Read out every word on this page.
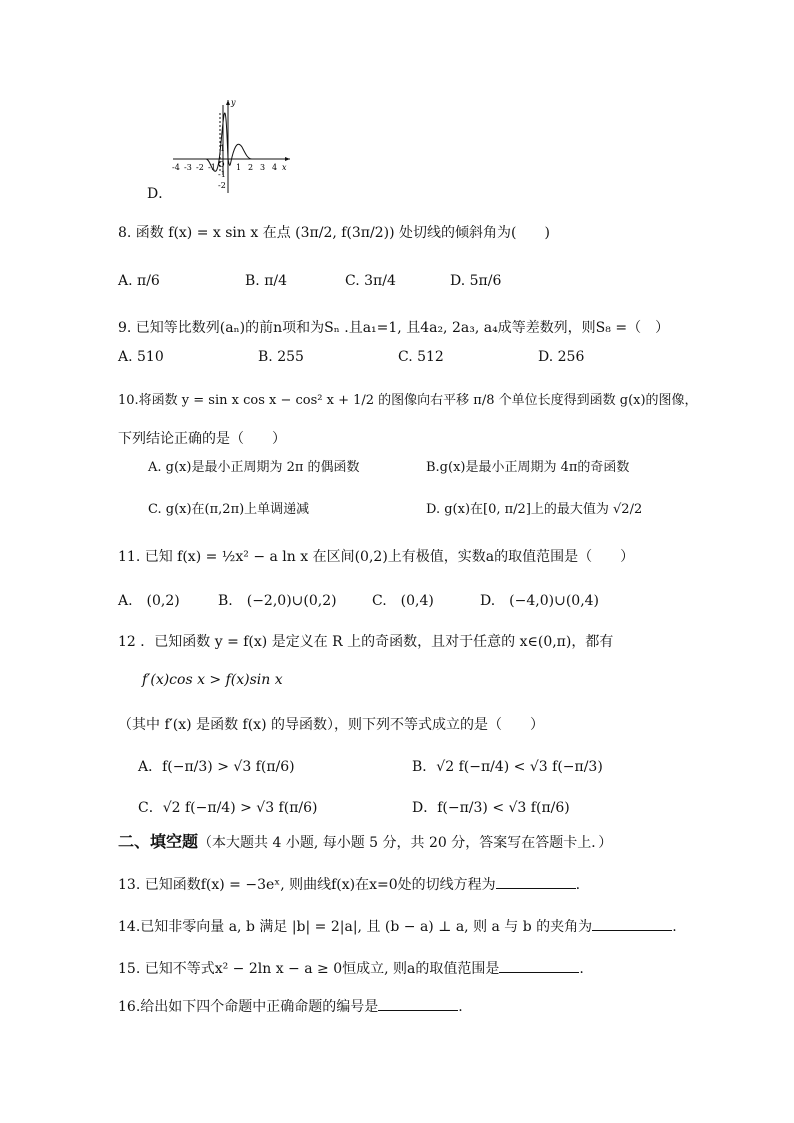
-4 -3 -2 -1 O 1 2 3 4 x
y
1
-1
-2
D．
8. 函数 f(x) = x sin x 在点 (3π/2, f(3π/2)) 处切线的倾斜角为(　　)
A. π/6	B. π/4	C. 3π/4	D. 5π/6
9. 已知等比数列(aₙ)的前n项和为Sₙ .且a₁=1, 且4a₂, 2a₃, a₄成等差数列，则S₈ =（　）
A. 510	B. 255	C. 512	D. 256
10.将函数 y = sin x cos x − cos² x + 1/2 的图像向右平移 π/8 个单位长度得到函数 g(x)的图像，
下列结论正确的是（　　）
A. g(x)是最小正周期为 2π 的偶函数	B.g(x)是最小正周期为 4π的奇函数
C. g(x)在(π,2π)上单调递减	D. g(x)在[0, π/2]上的最大值为 √2/2
11. 已知 f(x) = ½x² − a ln x 在区间(0,2)上有极值，实数a的取值范围是（　　）
A.　(0,2)	B.　(−2,0)∪(0,2)	C.　(0,4)	D.　(−4,0)∪(0,4)
12 ．已知函数 y = f(x) 是定义在 R 上的奇函数，且对于任意的 x∈(0,π)，都有
f′(x)cos x > f(x)sin x
（其中 f′(x) 是函数 f(x) 的导函数），则下列不等式成立的是（　　）
A．f(−π/3) > √3 f(π/6)	B．√2 f(−π/4) < √3 f(−π/3)
C．√2 f(−π/4) > √3 f(π/6)	D．f(−π/3) < √3 f(π/6)
二、填空题（本大题共 4 小题, 每小题 5 分，共 20 分，答案写在答题卡上．）
13. 已知函数f(x) = −3eˣ, 则曲线f(x)在x=0处的切线方程为	.
14.已知非零向量 a, b 满足 |b| = 2|a|, 且 (b − a) ⊥ a, 则 a 与 b 的夹角为	.
15. 已知不等式x² − 2ln x − a ≥ 0恒成立, 则a的取值范围是	.
16.给出如下四个命题中正确命题的编号是	.
